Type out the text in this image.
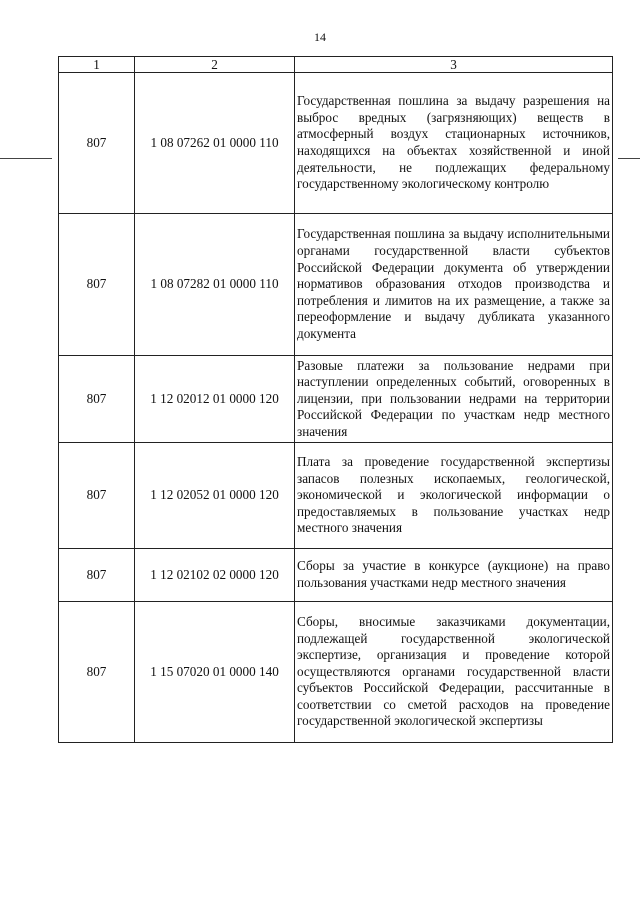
14
1	2	3
807	1 08 07262 01 0000 110	Государственная пошлина за выдачу разрешения на выброс вредных (загрязняющих) веществ в атмосферный воздух стационарных источников, находящихся на объектах хозяйственной и иной деятельности, не подлежащих федеральному государственному экологическому контролю
807	1 08 07282 01 0000 110	Государственная пошлина за выдачу исполнительными органами государственной власти субъектов Российской Федерации документа об утверждении нормативов образования отходов производства и потребления и лимитов на их размещение, а также за переоформление и выдачу дубликата указанного документа
807	1 12 02012 01 0000 120	Разовые платежи за пользование недрами при наступлении определенных событий, оговоренных в лицензии, при пользовании недрами на территории Российской Федерации по участкам недр местного значения
807	1 12 02052 01 0000 120	Плата за проведение государственной экспертизы запасов полезных ископаемых, геологической, экономической и экологической информации о предоставляемых в пользование участках недр местного значения
807	1 12 02102 02 0000 120	Сборы за участие в конкурсе (аукционе) на право пользования участками недр местного значения
807	1 15 07020 01 0000 140	Сборы, вносимые заказчиками документации, подлежащей государственной экологической экспертизе, организация и проведение которой осуществляются органами государственной власти субъектов Российской Федерации, рассчитанные в соответствии со сметой расходов на проведение государственной экологической экспертизы
